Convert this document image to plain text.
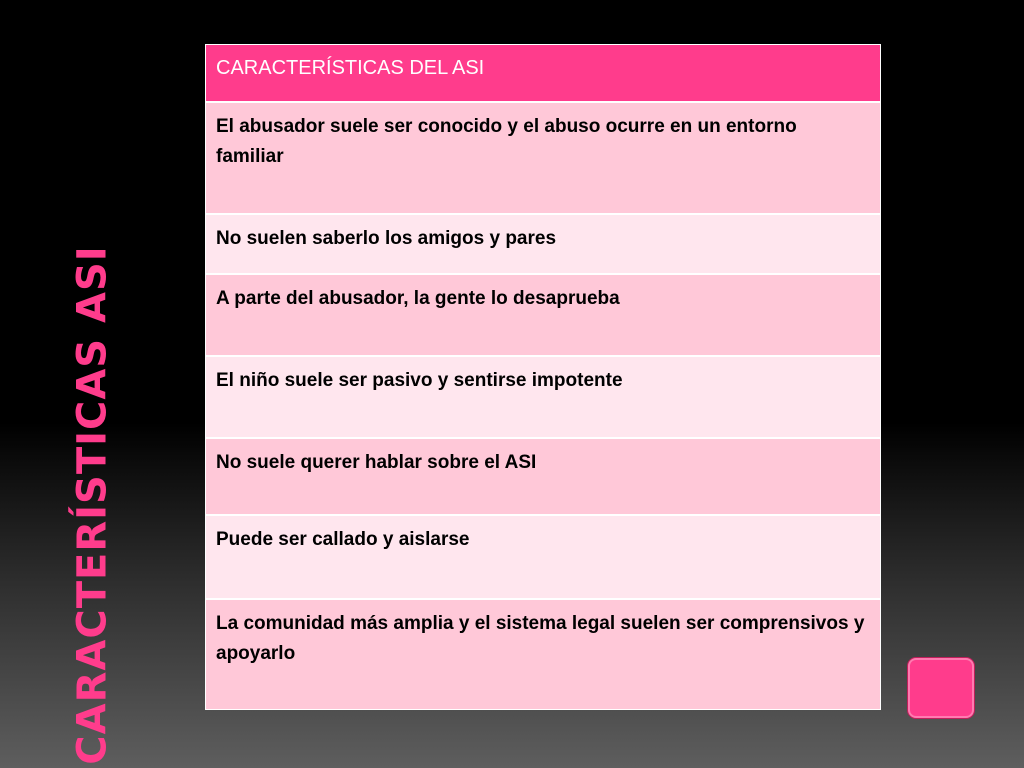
CARACTERÍSTICAS ASI
CARACTERÍSTICAS DEL ASI
El abusador suele ser conocido y el abuso ocurre en un entorno familiar
No suelen saberlo los amigos y pares
A parte del abusador, la gente lo desaprueba
El niño suele ser pasivo y sentirse impotente
No suele querer hablar sobre el ASI
Puede ser callado y aislarse
La comunidad más amplia y el sistema legal suelen ser comprensivos y apoyarlo
